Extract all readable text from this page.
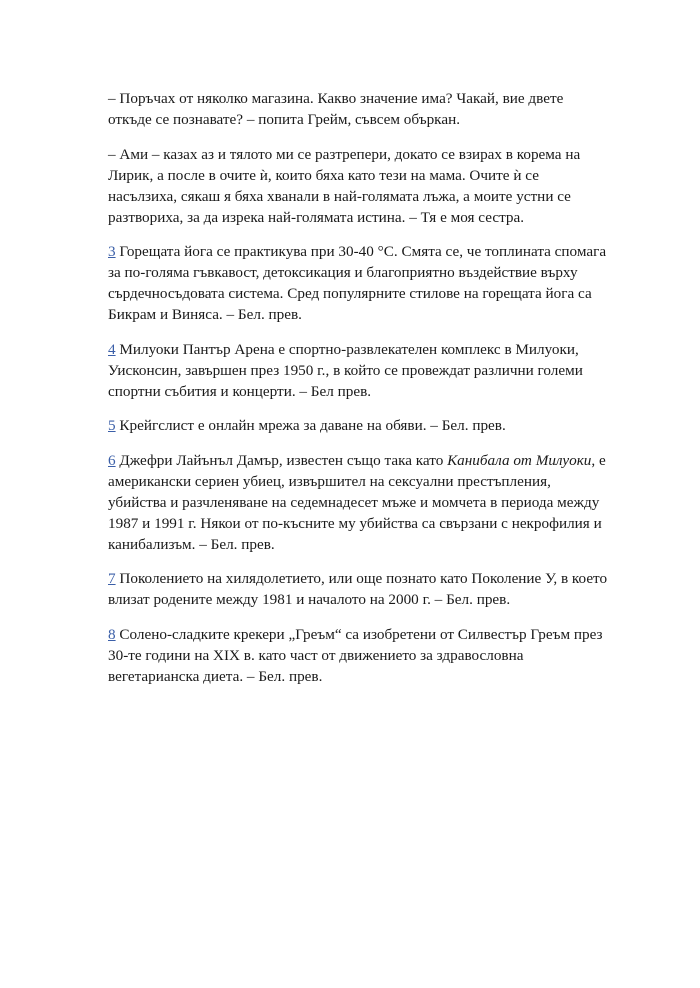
– Поръчах от няколко магазина. Какво значение има? Чакай, вие двете откъде се познавате? – попита Грейм, съвсем объркан.

– Ами – казах аз и тялото ми се разтрепери, докато се взирах в корема на Лирик, а после в очите ѝ, които бяха като тези на мама. Очите ѝ се насълзиха, сякаш я бяха хванали в най-голямата лъжа, а моите устни се разтвориха, за да изрека най-голямата истина. – Тя е моя сестра.

3 Горещата йога се практикува при 30-40 °C. Смята се, че топлината спомага за по-голяма гъвкавост, детоксикация и благоприятно въздействие върху сърдечносъдовата система. Сред популярните стилове на горещата йога са Бикрам и Виняса. – Бел. прев.

4 Милуоки Пантър Арена е спортно-развлекателен комплекс в Милуоки, Уисконсин, завършен през 1950 г., в който се провеждат различни големи спортни събития и концерти. – Бел прев.

5 Крейгслист е онлайн мрежа за даване на обяви. – Бел. прев.

6 Джефри Лайънъл Дамър, известен също така като Канибала от Милуоки, е американски сериен убиец, извършител на сексуални престъпления, убийства и разчленяване на седемнадесет мъже и момчета в периода между 1987 и 1991 г. Някои от по-късните му убийства са свързани с некрофилия и канибализъм. – Бел. прев.

7 Поколението на хилядолетието, или още познато като Поколение У, в което влизат родените между 1981 и началото на 2000 г. – Бел. прев.

8 Солено-сладките крекери „Греъм“ са изобретени от Силвестър Греъм през 30-те години на XIX в. като част от движението за здравословна вегетарианска диета. – Бел. прев.
